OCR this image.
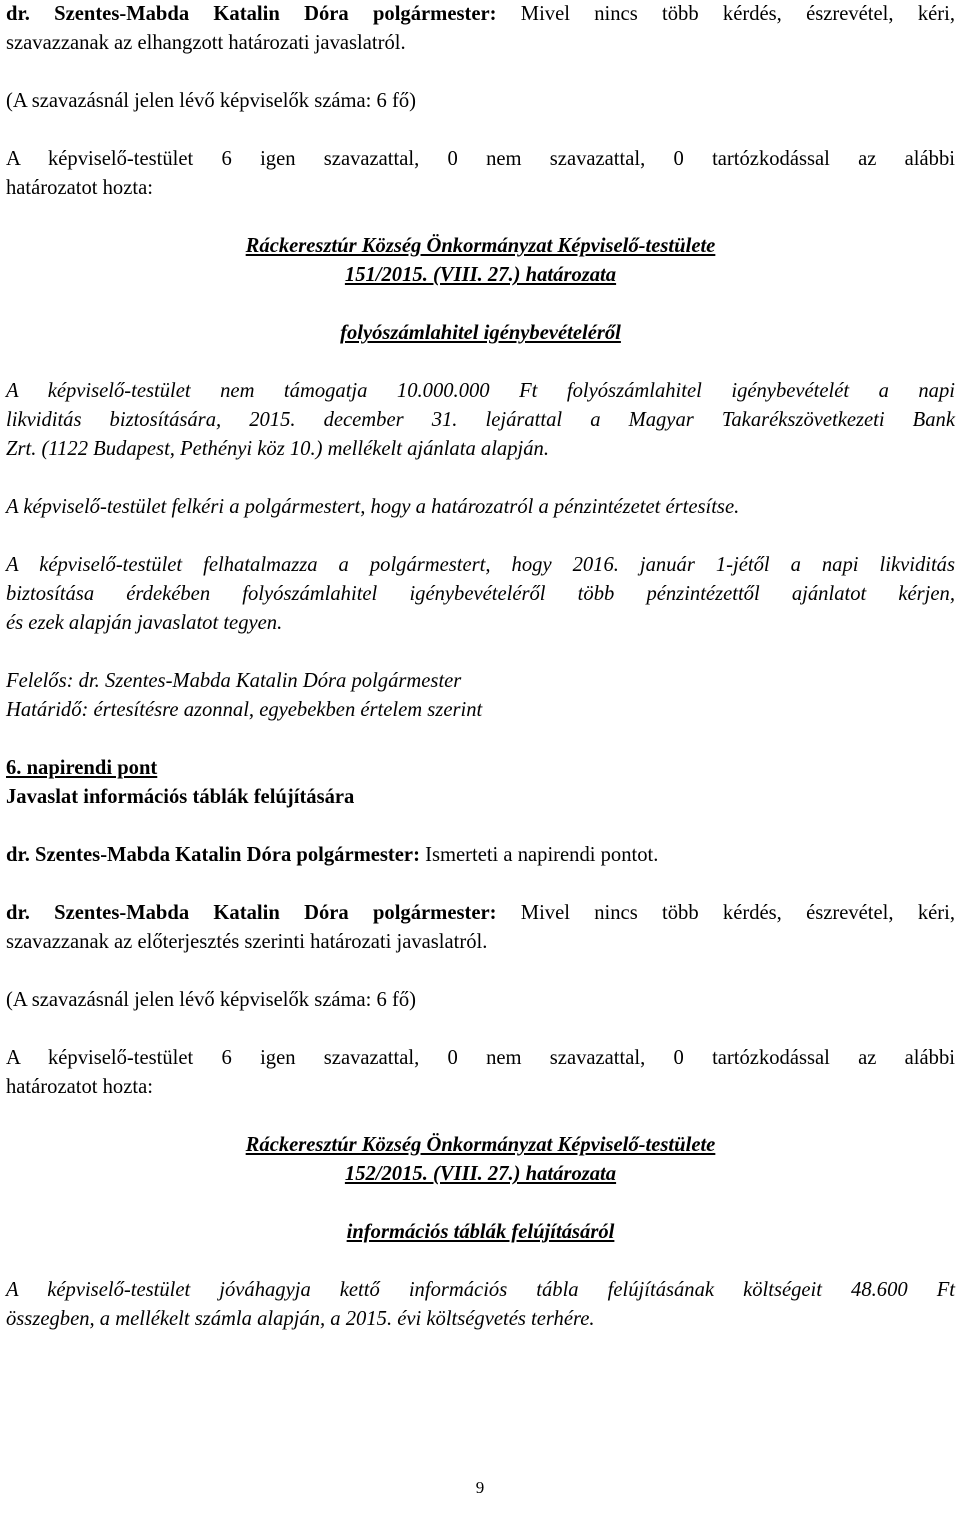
dr. Szentes-Mabda Katalin Dóra polgármester: Mivel nincs több kérdés, észrevétel, kéri,

szavazzanak az elhangzott határozati javaslatról.

(A szavazásnál jelen lévő képviselők száma: 6 fő)

A képviselő-testület 6 igen szavazattal, 0 nem szavazattal, 0 tartózkodással az alábbi

határozatot hozta:

Ráckeresztúr Község Önkormányzat Képviselő-testülete

151/2015. (VIII. 27.) határozata

folyószámlahitel igénybevételéről

A képviselő-testület nem támogatja 10.000.000 Ft folyószámlahitel igénybevételét a napi

likviditás biztosítására, 2015. december 31. lejárattal a Magyar Takarékszövetkezeti Bank

Zrt. (1122 Budapest, Pethényi köz 10.) mellékelt ajánlata alapján.

A képviselő-testület felkéri a polgármestert, hogy a határozatról a pénzintézetet értesítse.

A képviselő-testület felhatalmazza a polgármestert, hogy 2016. január 1-jétől a napi likviditás

biztosítása érdekében folyószámlahitel igénybevételéről több pénzintézettől ajánlatot kérjen,

és ezek alapján javaslatot tegyen.

Felelős: dr. Szentes-Mabda Katalin Dóra polgármester

Határidő: értesítésre azonnal, egyebekben értelem szerint

6. napirendi pont

Javaslat információs táblák felújítására

dr. Szentes-Mabda Katalin Dóra polgármester: Ismerteti a napirendi pontot.

dr. Szentes-Mabda Katalin Dóra polgármester: Mivel nincs több kérdés, észrevétel, kéri,

szavazzanak az előterjesztés szerinti határozati javaslatról.

(A szavazásnál jelen lévő képviselők száma: 6 fő)

A képviselő-testület 6 igen szavazattal, 0 nem szavazattal, 0 tartózkodással az alábbi

határozatot hozta:

Ráckeresztúr Község Önkormányzat Képviselő-testülete

152/2015. (VIII. 27.) határozata

információs táblák felújításáról

A képviselő-testület jóváhagyja kettő információs tábla felújításának költségeit 48.600 Ft

összegben, a mellékelt számla alapján, a 2015. évi költségvetés terhére.

9
